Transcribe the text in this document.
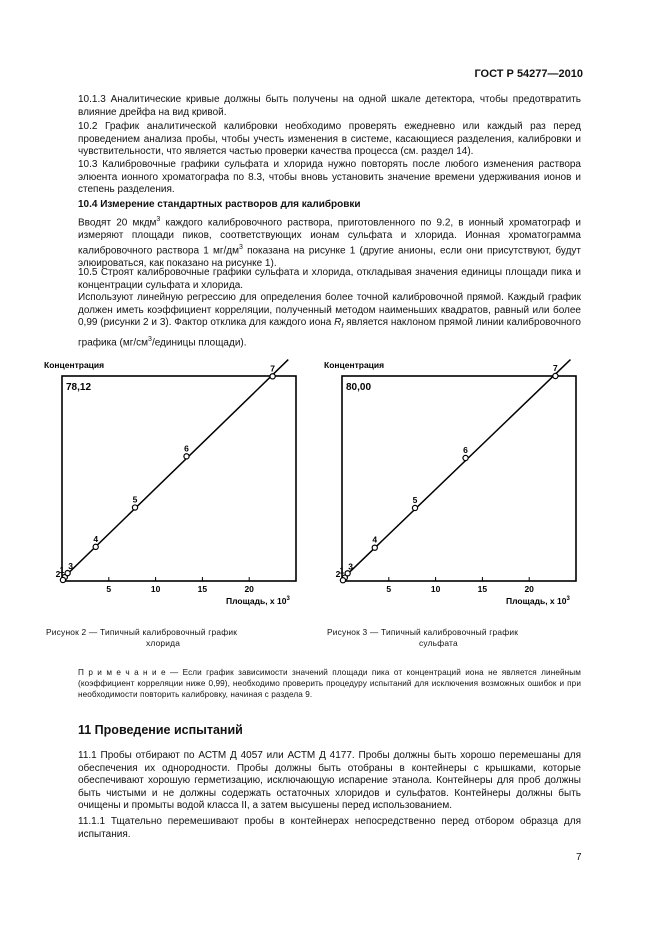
ГОСТ Р 54277—2010

10.1.3 Аналитические кривые должны быть получены на одной шкале детектора, чтобы предотвратить влияние дрейфа на вид кривой.

10.2 График аналитической калибровки необходимо проверять ежедневно или каждый раз перед проведением анализа пробы, чтобы учесть изменения в системе, касающиеся разделения, калибровки и чувствительности, что является частью проверки качества процесса (см. раздел 14).

10.3 Калибровочные графики сульфата и хлорида нужно повторять после любого изменения раствора элюента ионного хроматографа по 8.3, чтобы вновь установить значение времени удерживания ионов и степень разделения.

10.4 Измерение стандартных растворов для калибровки

Вводят 20 мкдм$^3$ каждого калибровочного раствора, приготовленного по 9.2, в ионный хроматограф и измеряют площади пиков, соответствующих ионам сульфата и хлорида. Ионная хроматограмма калибровочного раствора 1 $мг/дм^3$ показана на рисунке 1 (другие анионы, если они присутствуют, будут элюироваться, как показано на рисунке 1).

10.5 Строят калибровочные графики сульфата и хлорида, откладывая значения единицы площади пика и концентрации сульфата и хлорида.

Используют линейную регрессию для определения более точной калибровочной прямой. Каждый график должен иметь коэффициент корреляции, полученный методом наименьших квадратов, равный или более 0,99 (рисунки 2 и 3). Фактор отклика для каждого иона $R_f$ является наклоном прямой линии калибровочного графика ($мг/см^3$/единицы площади).

Концентрация
78,12
5	10	15	20
Площадь, x $10^3$
1
2
3
4
5
6
7	Концентрация
80,00
5	10	15	20
Площадь, x $10^3$
1
2
3
4
5
6
7
Рисунок 2 — Типичный калибровочный график
хлорида
Рисунок 3 — Типичный калибровочный график
сульфата
П р и м е ч а н и е — Если график зависимости значений площади пика от концентраций иона не является линейным (коэффициент корреляции ниже 0,99), необходимо проверить процедуру испытаний для исключения возможных ошибок и при необходимости повторить калибровку, начиная с раздела 9.
11 Проведение испытаний

11.1 Пробы отбирают по АСТМ Д 4057 или АСТМ Д 4177. Пробы должны быть хорошо перемешаны для обеспечения их однородности. Пробы должны быть отобраны в контейнеры с крышками, которые обеспечивают хорошую герметизацию, исключающую испарение этанола. Контейнеры для проб должны быть чистыми и не должны содержать остаточных хлоридов и сульфатов. Контейнеры должны быть очищены и промыты водой класса II, а затем высушены перед использованием.

11.1.1 Тщательно перемешивают пробы в контейнерах непосредственно перед отбором образца для испытания.

7
